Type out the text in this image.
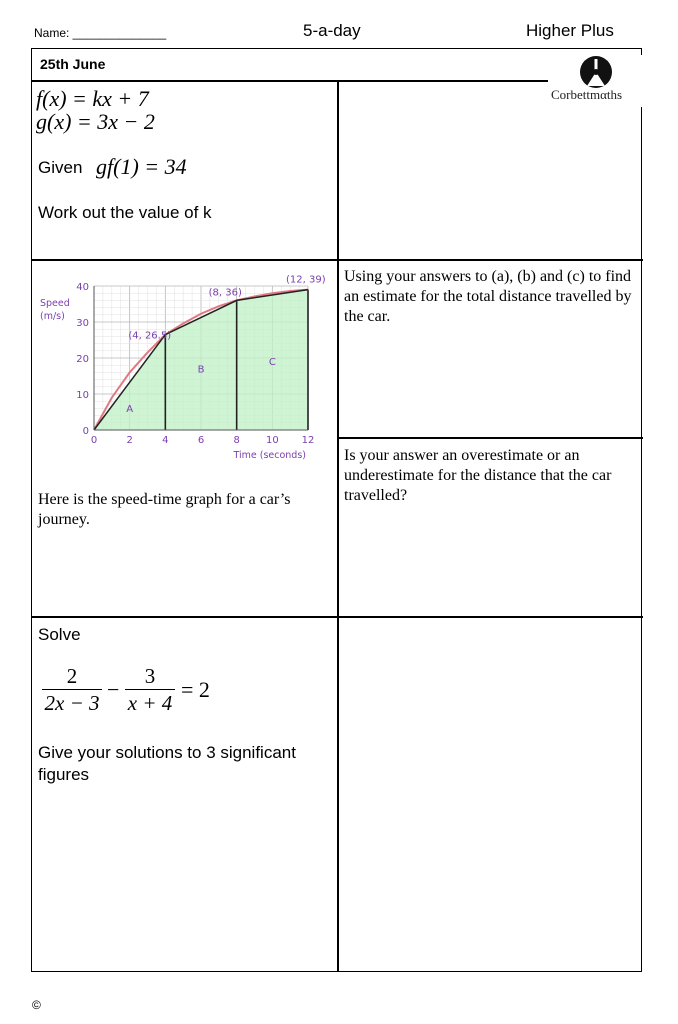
Name: ______________	5-a-day	Higher Plus
25th June
Corbettmαths
f(x) = kx + 7
g(x) = 3x − 2
Given gf(1) = 34
Work out the value of k
0	2	4	6	8	10 12
0
10
20
30
40
Time (seconds)
Speed
(m/s)
(4, 26.5)
(8, 36)
(12, 39)
A
B
C
Here is the speed-time graph for a car’s journey.
Using your answers to (a), (b) and (c) to find an estimate for the total distance travelled by the car.
Is your answer an overestimate or an underestimate for the distance that the car travelled?
Solve
$\frac{2}{2x - 3} - \frac{3}{x + 4} = 2$
Give your solutions to 3 significant figures
©
